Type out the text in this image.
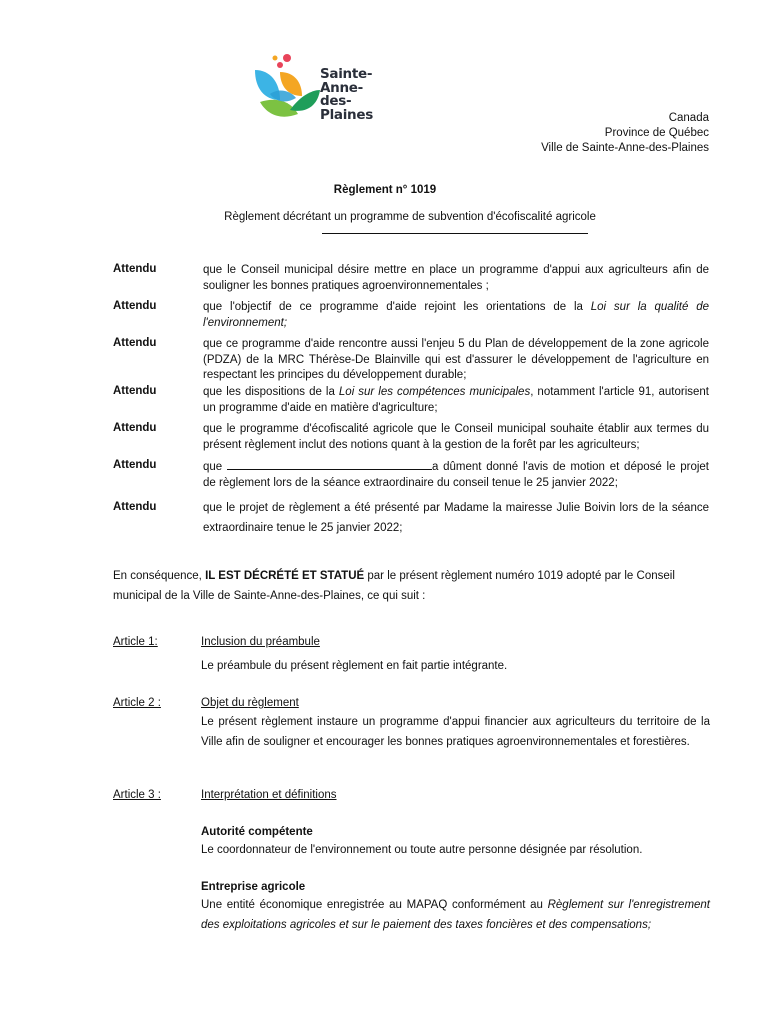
Sainte-
Anne-
des-
Plaines	Canada
Province de Québec
Ville de Sainte-Anne-des-Plaines
Règlement n° 1019
Règlement décrétant un programme de subvention d'écofiscalité agricole
Attendu	que le Conseil municipal désire mettre en place un programme d'appui aux agriculteurs afin de souligner les bonnes pratiques agroenvironnementales ;
Attendu	que l'objectif de ce programme d'aide rejoint les orientations de la Loi sur la qualité de l'environnement;
Attendu	que ce programme d'aide rencontre aussi l'enjeu 5 du Plan de développement de la zone agricole (PDZA) de la MRC Thérèse-De Blainville qui est d'assurer le développement de l'agriculture en respectant les principes du développement durable;
Attendu	que les dispositions de la Loi sur les compétences municipales, notamment l'article 91, autorisent un programme d'aide en matière d'agriculture;
Attendu	que le programme d'écofiscalité agricole que le Conseil municipal souhaite établir aux termes du présent règlement inclut des notions quant à la gestion de la forêt par les agriculteurs;
Attendu	que	a dûment donné l'avis de motion et déposé le projet de règlement lors de la séance extraordinaire du conseil tenue le 25 janvier 2022;
Attendu	que le projet de règlement a été présenté par Madame la mairesse Julie Boivin lors de la séance extraordinaire tenue le 25 janvier 2022;
En conséquence, IL EST DÉCRÉTÉ ET STATUÉ par le présent règlement numéro 1019 adopté par le Conseil municipal de la Ville de Sainte-Anne-des-Plaines, ce qui suit :
Article 1:	Inclusion du préambule
Le préambule du présent règlement en fait partie intégrante.
Article 2 :	Objet du règlement
Le présent règlement instaure un programme d'appui financier aux agriculteurs du territoire de la Ville afin de souligner et encourager les bonnes pratiques agroenvironnementales et forestières.
Article 3 :	Interprétation et définitions
Autorité compétente
Le coordonnateur de l'environnement ou toute autre personne désignée par résolution.
Entreprise agricole
Une entité économique enregistrée au MAPAQ conformément au Règlement sur l'enregistrement des exploitations agricoles et sur le paiement des taxes foncières et des compensations;
